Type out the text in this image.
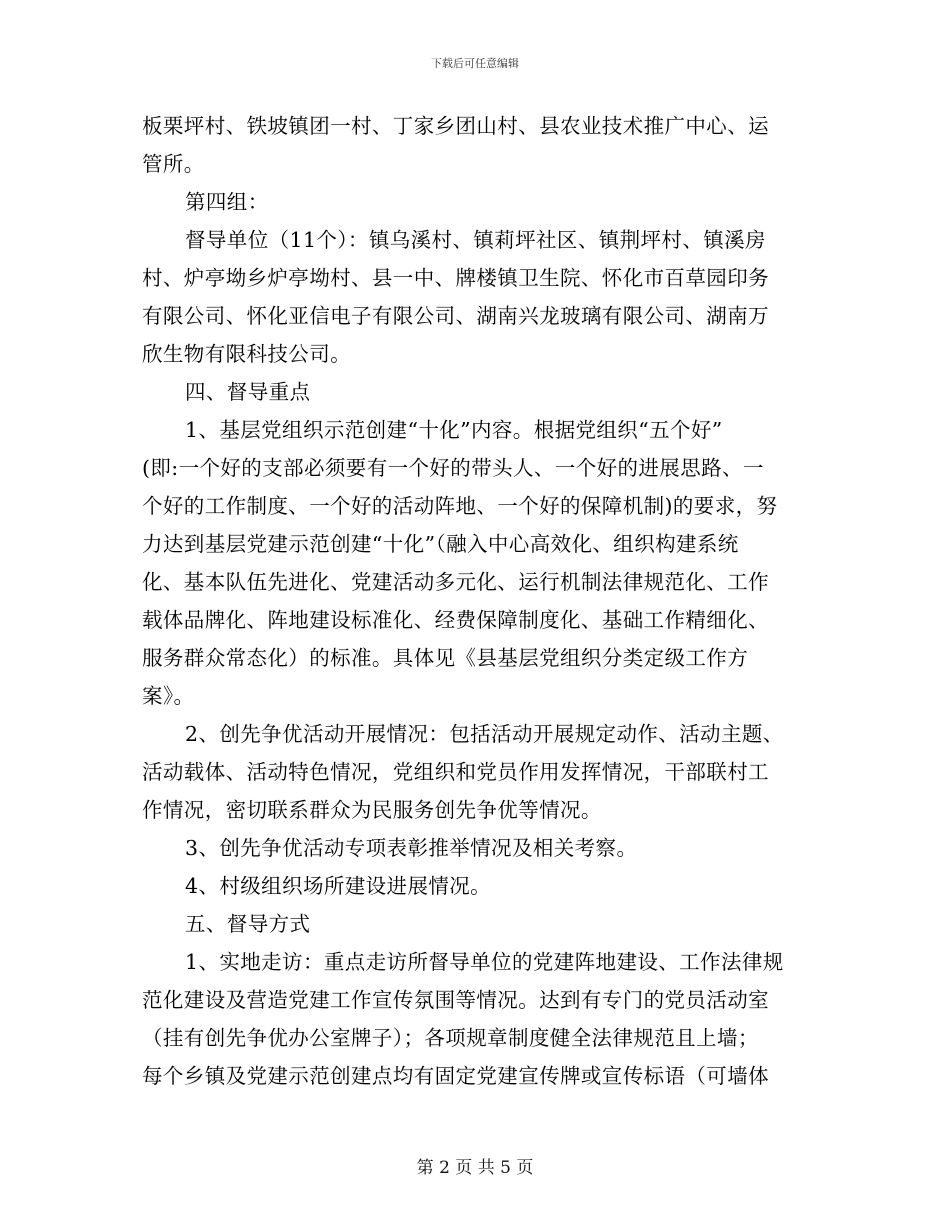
下载后可任意编辑
板栗坪村、铁坡镇团一村、丁家乡团山村、县农业技术推广中心、运
管所。
第四组：
督导单位（11个）：镇乌溪村、镇莉坪社区、镇荆坪村、镇溪房
村、炉亭坳乡炉亭坳村、县一中、牌楼镇卫生院、怀化市百草园印务
有限公司、怀化亚信电子有限公司、湖南兴龙玻璃有限公司、湖南万
欣生物有限科技公司。
四、督导重点
1、基层党组织示范创建“十化”内容。根据党组织“五个好”
(即:一个好的支部必须要有一个好的带头人、一个好的进展思路、一
个好的工作制度、一个好的活动阵地、一个好的保障机制)的要求，努
力达到基层党建示范创建“十化”（融入中心高效化、组织构建系统
化、基本队伍先进化、党建活动多元化、运行机制法律规范化、工作
载体品牌化、阵地建设标准化、经费保障制度化、基础工作精细化、
服务群众常态化）的标准。具体见《县基层党组织分类定级工作方
案》。
2、创先争优活动开展情况：包括活动开展规定动作、活动主题、
活动载体、活动特色情况，党组织和党员作用发挥情况，干部联村工
作情况，密切联系群众为民服务创先争优等情况。
3、创先争优活动专项表彰推举情况及相关考察。
4、村级组织场所建设进展情况。
五、督导方式
1、实地走访：重点走访所督导单位的党建阵地建设、工作法律规
范化建设及营造党建工作宣传氛围等情况。达到有专门的党员活动室
（挂有创先争优办公室牌子）；各项规章制度健全法律规范且上墙；
每个乡镇及党建示范创建点均有固定党建宣传牌或宣传标语（可墙体
第 2 页 共 5 页
